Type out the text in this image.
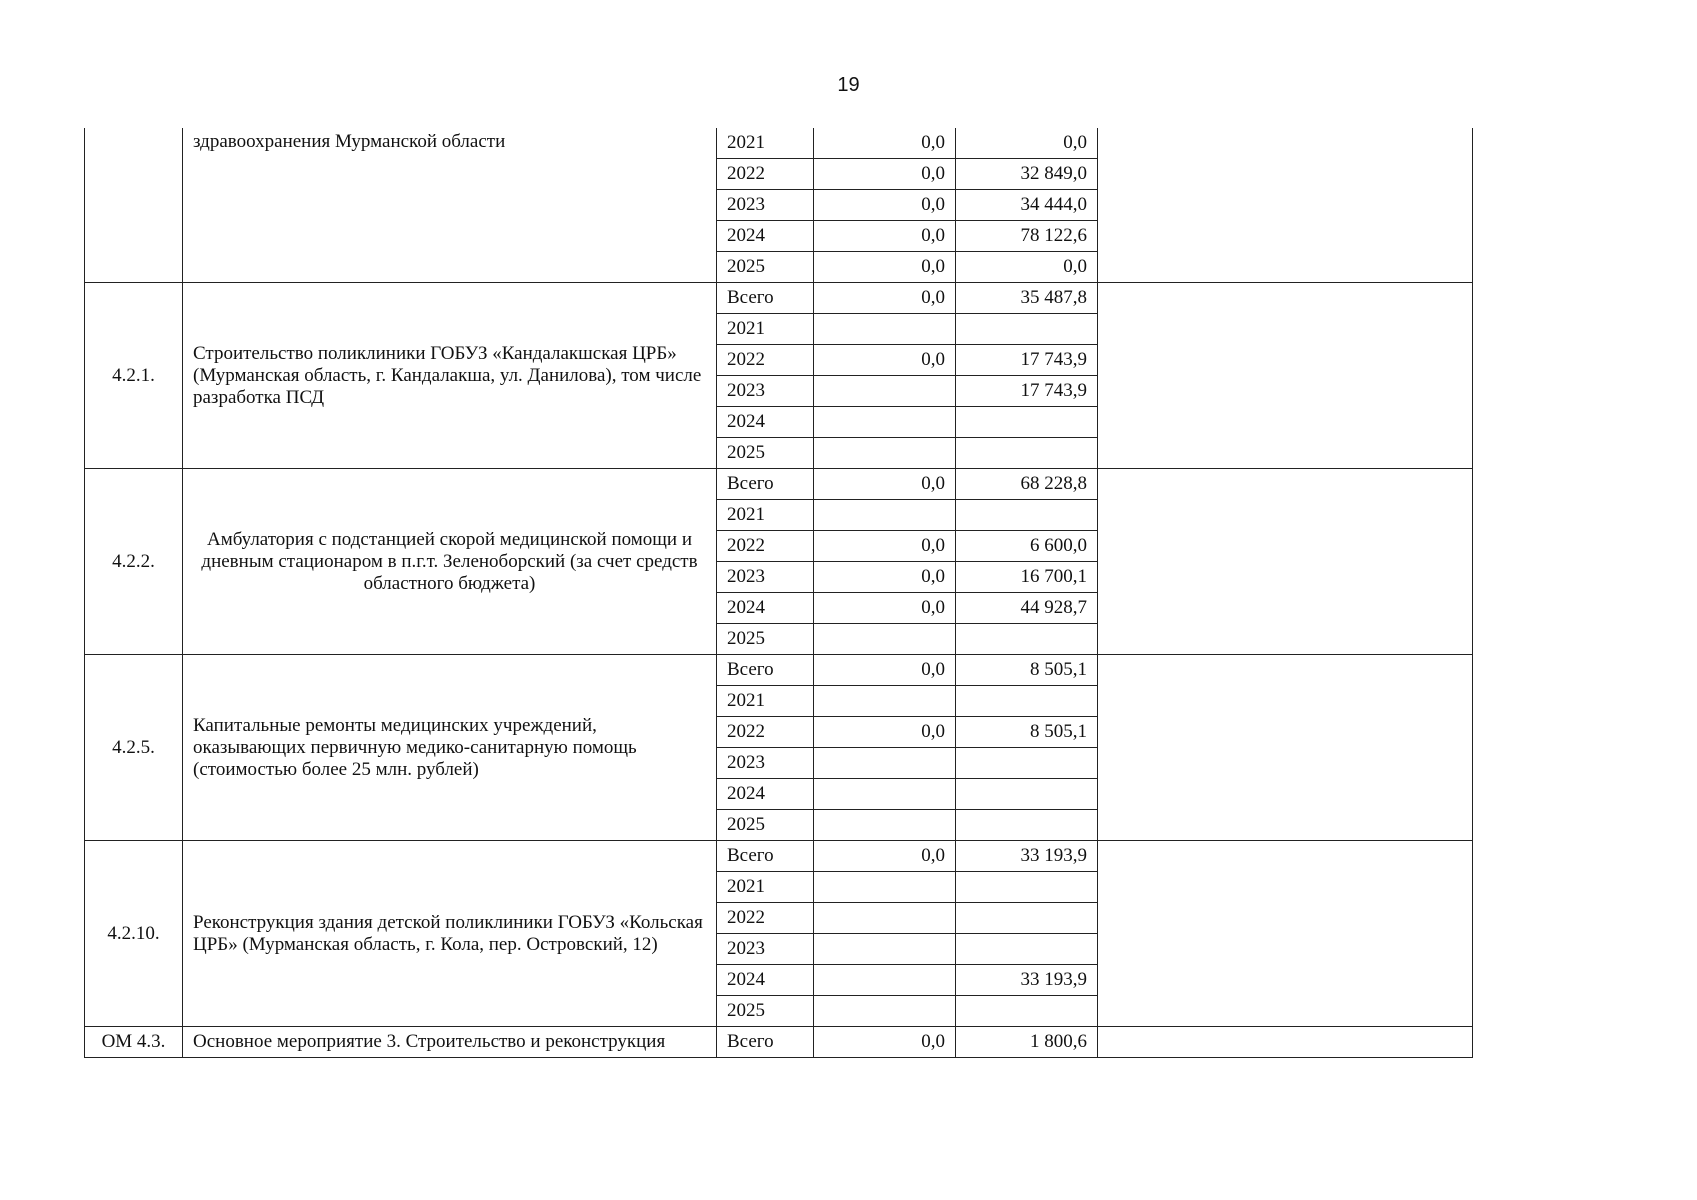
19
	здравоохранения Мурманской области	2021	0,0	0,0	
		2022	0,0	32 849,0	
		2023	0,0	34 444,0	
		2024	0,0	78 122,6	
		2025	0,0	0,0	
4.2.1.	Строительство поликлиники ГОБУЗ «Кандалакшская ЦРБ» (Мурманская область, г. Кандалакша, ул. Данилова), том числе разработка ПСД	Всего	0,0	35 487,8	
		2021			
		2022	0,0	17 743,9	
		2023		17 743,9	
		2024			
		2025			
4.2.2.	Амбулатория с подстанцией скорой медицинской помощи и дневным стационаром в п.г.т. Зеленоборский (за счет средств областного бюджета)	Всего	0,0	68 228,8	
		2021			
		2022	0,0	6 600,0	
		2023	0,0	16 700,1	
		2024	0,0	44 928,7	
		2025			
4.2.5.	Капитальные ремонты медицинских учреждений, оказывающих первичную медико-санитарную помощь (стоимостью более 25 млн. рублей)	Всего	0,0	8 505,1	
		2021			
		2022	0,0	8 505,1	
		2023			
		2024			
		2025			
4.2.10.	Реконструкция здания детской поликлиники ГОБУЗ «Кольская ЦРБ» (Мурманская область, г. Кола, пер. Островский, 12)	Всего	0,0	33 193,9	
		2021			
		2022			
		2023			
		2024		33 193,9	
		2025			
ОМ 4.3.	Основное мероприятие 3. Строительство и реконструкция	Всего	0,0	1 800,6	
